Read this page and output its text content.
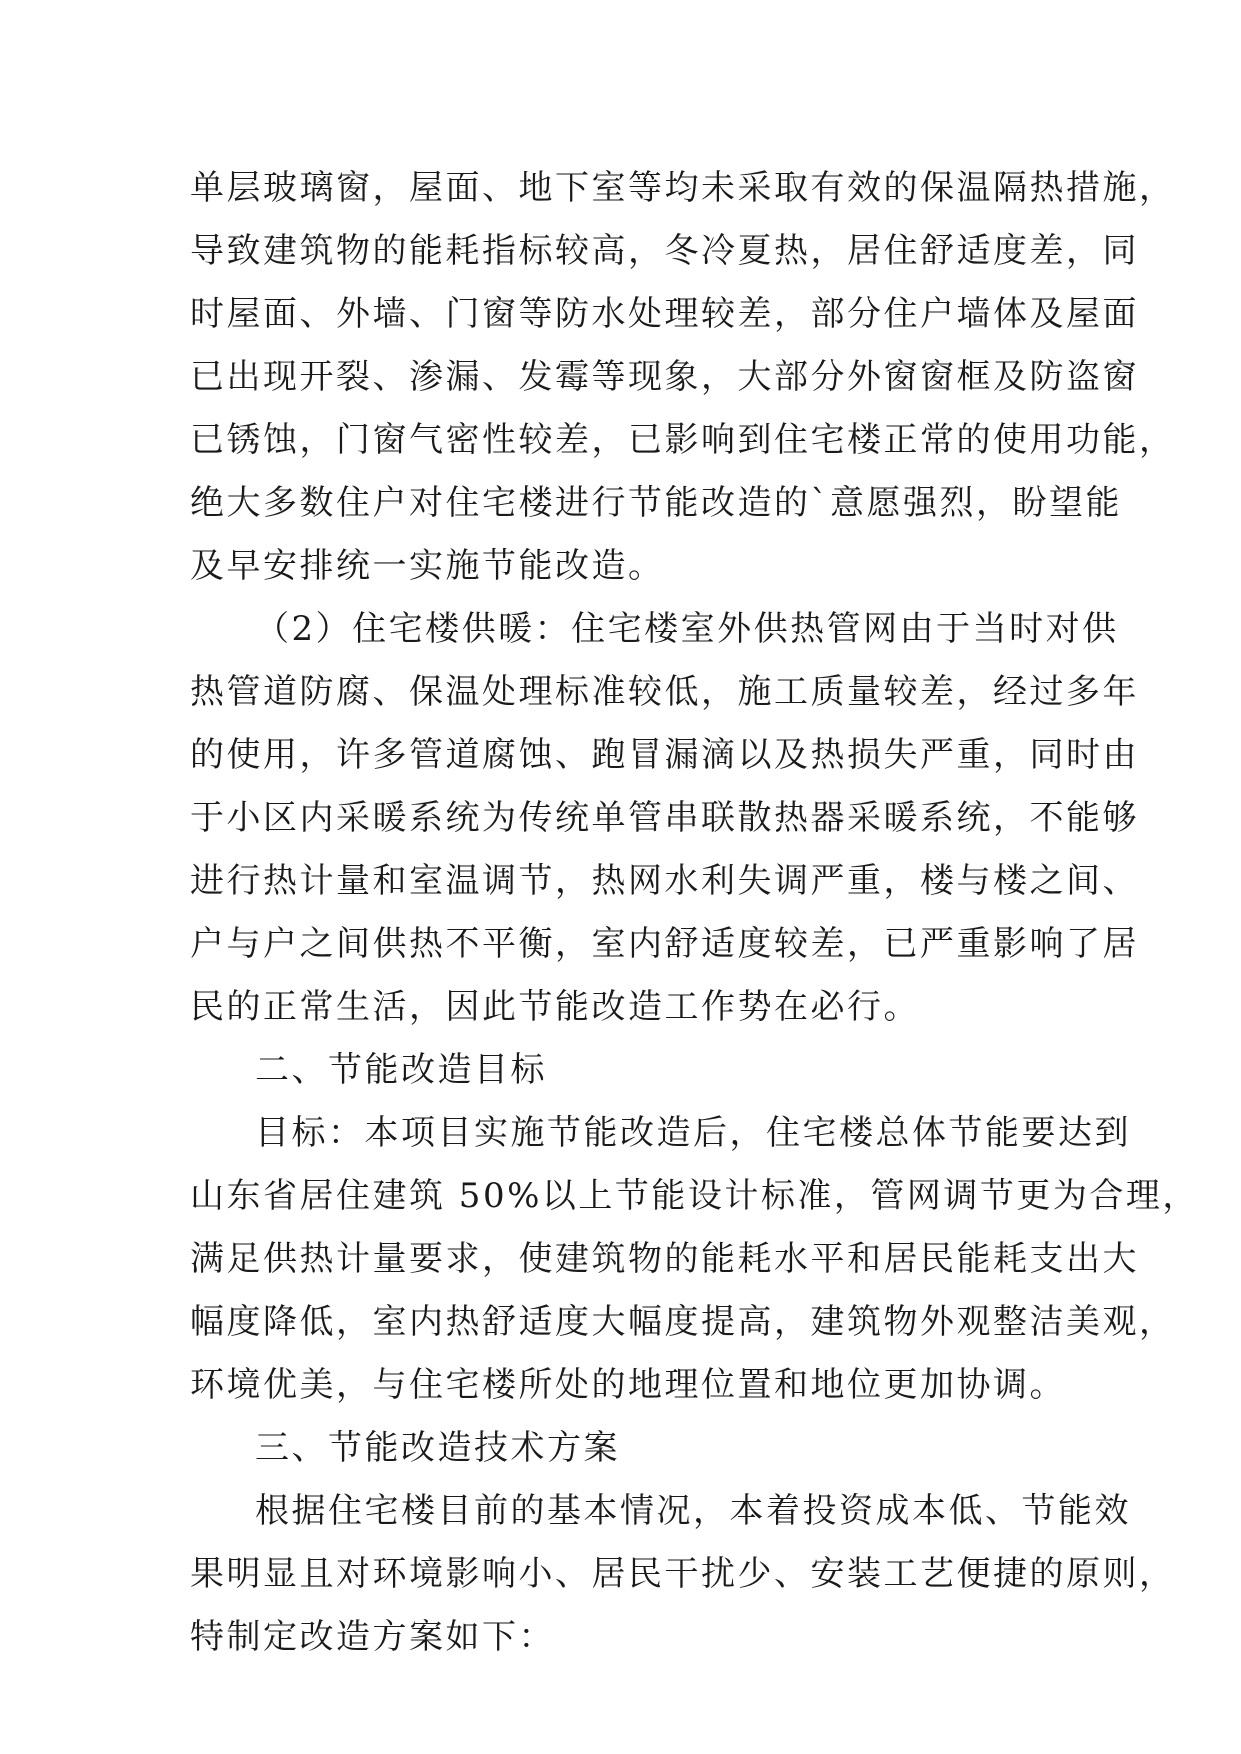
单层玻璃窗，屋面、地下室等均未采取有效的保温隔热措施，
导致建筑物的能耗指标较高，冬冷夏热，居住舒适度差，同
时屋面、外墙、门窗等防水处理较差，部分住户墙体及屋面
已出现开裂、渗漏、发霉等现象，大部分外窗窗框及防盗窗
已锈蚀，门窗气密性较差，已影响到住宅楼正常的使用功能，
绝大多数住户对住宅楼进行节能改造的`意愿强烈，盼望能
及早安排统一实施节能改造。
（2）住宅楼供暖：住宅楼室外供热管网由于当时对供
热管道防腐、保温处理标准较低，施工质量较差，经过多年
的使用，许多管道腐蚀、跑冒漏滴以及热损失严重，同时由
于小区内采暖系统为传统单管串联散热器采暖系统，不能够
进行热计量和室温调节，热网水利失调严重，楼与楼之间、
户与户之间供热不平衡，室内舒适度较差，已严重影响了居
民的正常生活，因此节能改造工作势在必行。
二、节能改造目标
目标：本项目实施节能改造后，住宅楼总体节能要达到
山东省居住建筑 50%以上节能设计标准，管网调节更为合理，
满足供热计量要求，使建筑物的能耗水平和居民能耗支出大
幅度降低，室内热舒适度大幅度提高，建筑物外观整洁美观，
环境优美，与住宅楼所处的地理位置和地位更加协调。
三、节能改造技术方案
根据住宅楼目前的基本情况，本着投资成本低、节能效
果明显且对环境影响小、居民干扰少、安装工艺便捷的原则，
特制定改造方案如下：
